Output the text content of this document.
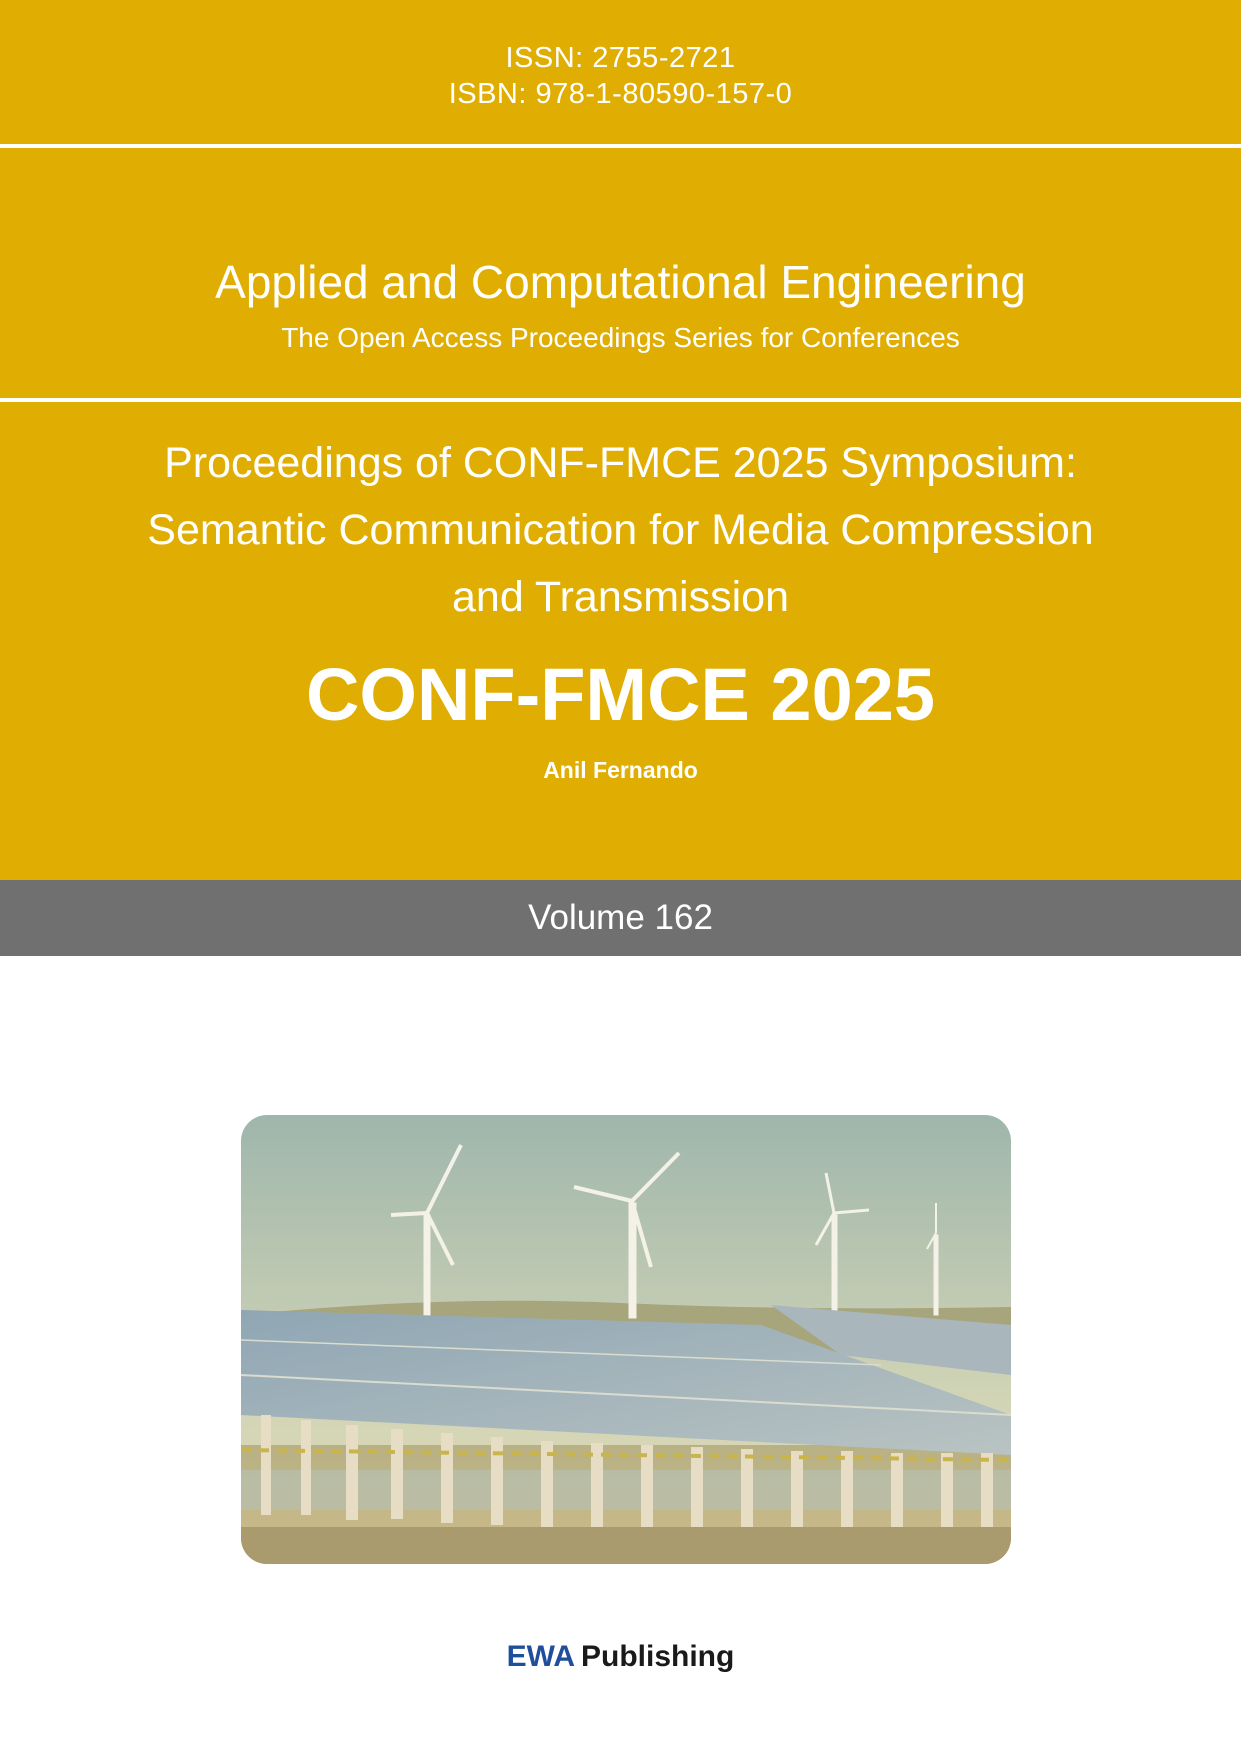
ISSN: 2755-2721
ISBN: 978-1-80590-157-0
Applied and Computational Engineering
The Open Access Proceedings Series for Conferences
Proceedings of CONF-FMCE 2025 Symposium:
Semantic Communication for Media Compression
and Transmission
CONF-FMCE 2025
Anil Fernando
Volume 162
EWA Publishing
